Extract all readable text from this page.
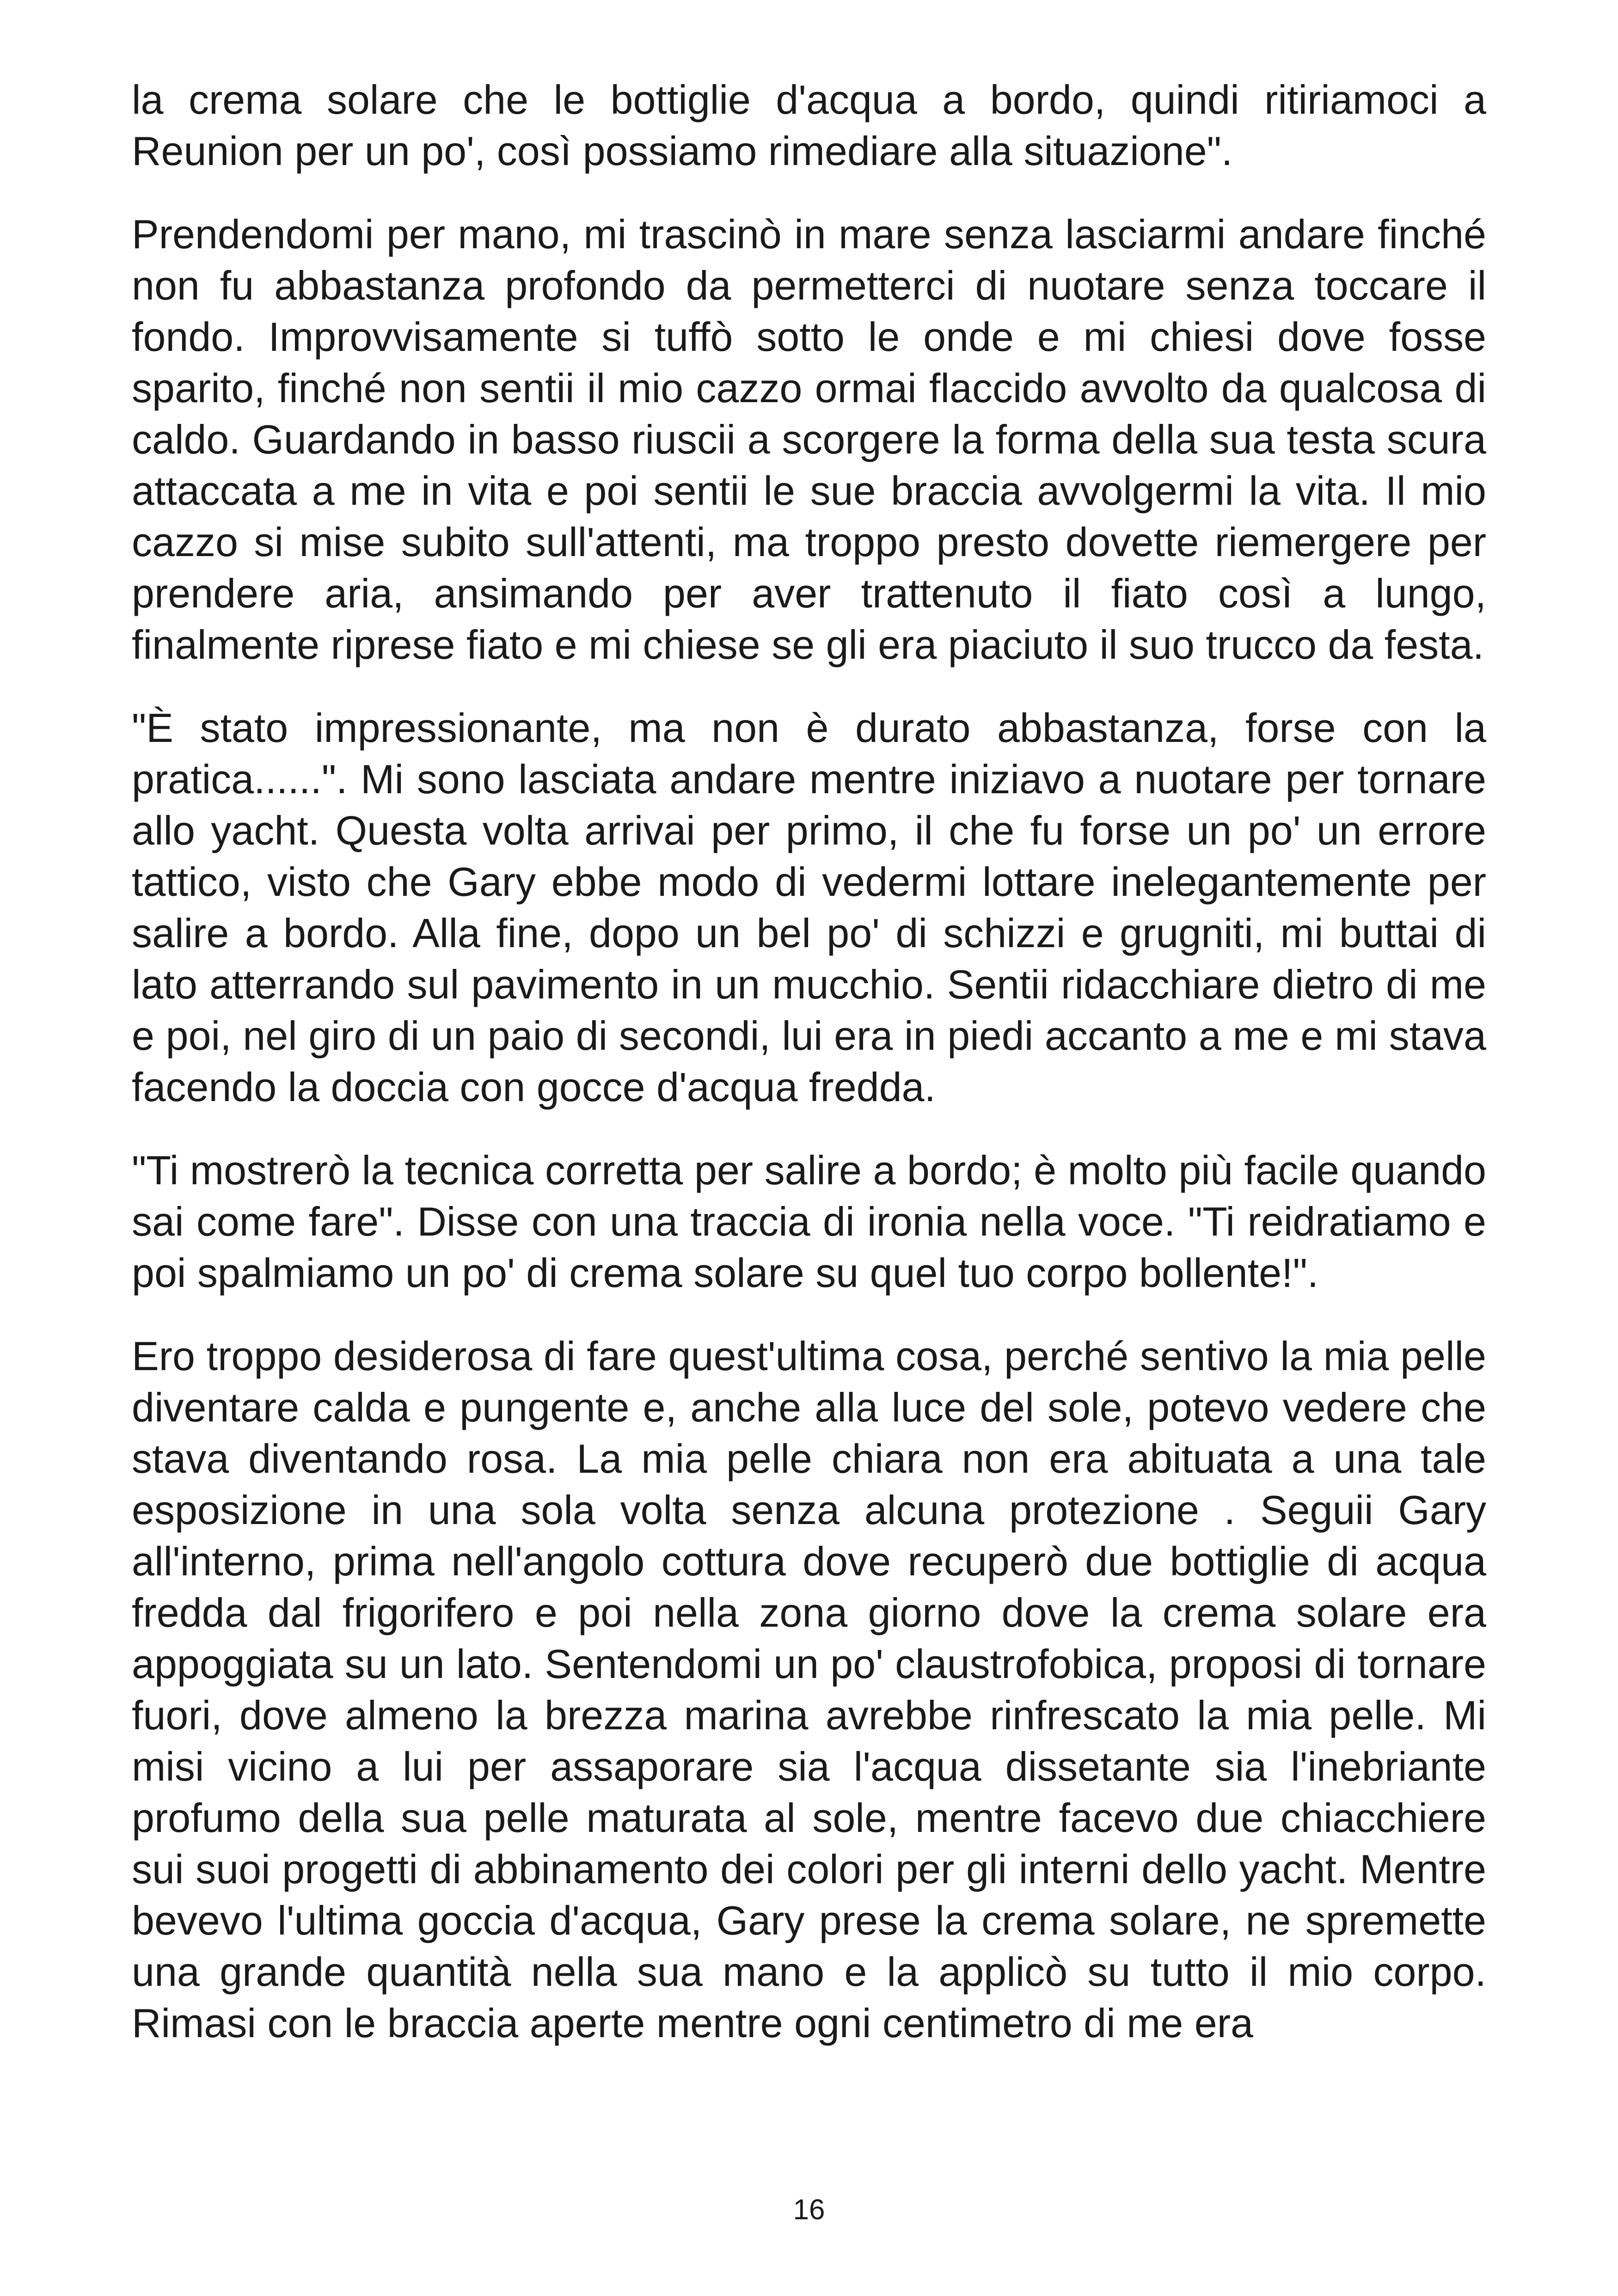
la crema solare che le bottiglie d'acqua a bordo, quindi ritiriamoci a Reunion per un po', così possiamo rimediare alla situazione".

Prendendomi per mano, mi trascinò in mare senza lasciarmi andare finché non fu abbastanza profondo da permetterci di nuotare senza toccare il fondo. Improvvisamente si tuffò sotto le onde e mi chiesi dove fosse sparito, finché non sentii il mio cazzo ormai flaccido avvolto da qualcosa di caldo. Guardando in basso riuscii a scorgere la forma della sua testa scura attaccata a me in vita e poi sentii le sue braccia avvolgermi la vita. Il mio cazzo si mise subito sull'attenti, ma troppo presto dovette riemergere per prendere aria, ansimando per aver trattenuto il fiato così a lungo, finalmente riprese fiato e mi chiese se gli era piaciuto il suo trucco da festa.

"È stato impressionante, ma non è durato abbastanza, forse con la pratica......". Mi sono lasciata andare mentre iniziavo a nuotare per tornare allo yacht. Questa volta arrivai per primo, il che fu forse un po' un errore tattico, visto che Gary ebbe modo di vedermi lottare inelegantemente per salire a bordo. Alla fine, dopo un bel po' di schizzi e grugniti, mi buttai di lato atterrando sul pavimento in un mucchio. Sentii ridacchiare dietro di me e poi, nel giro di un paio di secondi, lui era in piedi accanto a me e mi stava facendo la doccia con gocce d'acqua fredda.

"Ti mostrerò la tecnica corretta per salire a bordo; è molto più facile quando sai come fare". Disse con una traccia di ironia nella voce. "Ti reidratiamo e poi spalmiamo un po' di crema solare su quel tuo corpo bollente!".

Ero troppo desiderosa di fare quest'ultima cosa, perché sentivo la mia pelle diventare calda e pungente e, anche alla luce del sole, potevo vedere che stava diventando rosa. La mia pelle chiara non era abituata a una tale esposizione in una sola volta senza alcuna protezione . Seguii Gary all'interno, prima nell'angolo cottura dove recuperò due bottiglie di acqua fredda dal frigorifero e poi nella zona giorno dove la crema solare era appoggiata su un lato. Sentendomi un po' claustrofobica, proposi di tornare fuori, dove almeno la brezza marina avrebbe rinfrescato la mia pelle. Mi misi vicino a lui per assaporare sia l'acqua dissetante sia l'inebriante profumo della sua pelle maturata al sole, mentre facevo due chiacchiere sui suoi progetti di abbinamento dei colori per gli interni dello yacht. Mentre bevevo l'ultima goccia d'acqua, Gary prese la crema solare, ne spremette una grande quantità nella sua mano e la applicò su tutto il mio corpo. Rimasi con le braccia aperte mentre ogni centimetro di me era

16
